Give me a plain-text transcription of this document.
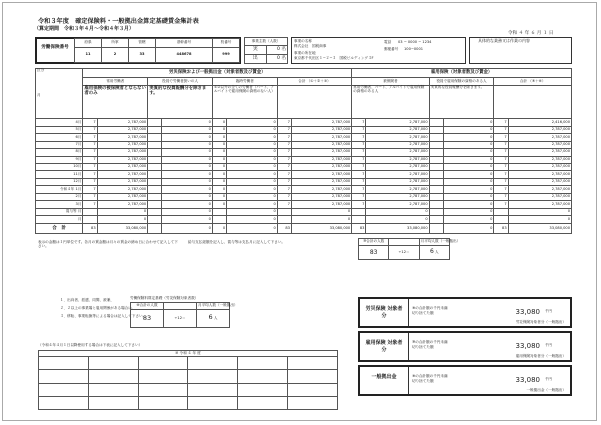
令和３年度　確定保険料・一般拠出金算定基礎賃金集計表
（算定期間　令和３年４月〜令和４年３月）
令和 ４ 年 ６ 月 １ 日
労働保険番号
府県	所掌	管轄	基幹番号	枝番号
11	2	33	448678	999
事業主数（人数）	
実	0 名
出	0 名
事業の名称
株式会社　国税商事
事業の所在地
東京都千代田区１−２−３　国税ビルディング３F
電話 03 − 0000 − 1234
郵便番号 100−0001
具体的な業務又は作業の内容
区分

月	労災保険および一般拠出金（対象者数及び賃金）								雇用保険（対象者数及び賃金）					
	常用労働者		役員で労働者扱いの人		臨時労働者		合計 （①＋②＋③）		被保険者		役員で雇用保険の資格のある人		合計 （⑤＋⑥）	
	雇用保険の被保険者とならない者のみ		実質的な役員報酬分を除きます。		①②以外の全ての労働者（パート、アルバイトで雇用保険の資格のない人）				常用労働者、パート、アルバイトで雇用保険の資格のある人		実質的な役員報酬分を除きます。			
4月	7	2,787,000		0	0	0	7	2,787,000	7	2,787,000		0	7	2,416,000
5月	7	2,787,000		0	0	0	7	2,787,000	7	2,787,000		0	7	2,787,000
6月	7	2,787,000		0	0	0	7	2,787,000	7	2,787,000		0	7	2,787,000
7月	7	2,787,000		0	0	0	7	2,787,000	7	2,787,000		0	7	2,787,000
8月	7	2,787,000		0	0	0	7	2,787,000	7	2,787,000		0	7	2,787,000
9月	7	2,787,000		0	0	0	7	2,787,000	7	2,787,000		0	7	2,787,000
10月	7	2,787,000		0	0	0	7	2,787,000	7	2,787,000		0	7	2,787,000
11月	7	2,787,000		0	0	0	7	2,787,000	7	2,787,000		0	7	2,787,000
12月	7	2,787,000		0	0	0	7	2,787,000	7	2,787,000		0	7	2,787,000
令和４年 1月	7	2,787,000		0	0	0	7	2,787,000	7	2,787,000		0	7	2,787,000
2月	7	2,787,000		0	0	0	7	2,787,000	7	2,787,000		0	7	2,787,000
3月	7	2,787,000		0	0	0	7	2,787,000	7	2,787,000		0	7	2,787,000
賞与等 月		0		0		0		0		0		0		0
月		0		0		0		0		0		0		0
合　計	83	33,080,000		0	0	0	83	33,080,000	83	33,080,000		0	83	33,080,000
表示の金額は１円単位です。各月の賃金額は月々の賃金の締め日に合わせて記入して下さい。
給与支払総額を記入し、賞与等は支払月に記入して下さい。	⑨合計の人数		月平均人数（一般拠出）
83	÷12＝	6 人
１．出向者、派遣、同間、被兼、
２．２以上の事業場と雇用関係がある場合は、
３．移転、事業転換等による場合は記入して下さい。
（令和４年４月１日以降使用する場合は下表に記入して下さい）
労働保険料算定基礎（労災保険対象者数）
⑧合計の人数		月平均人数（一般拠出）
83	÷12＝	6 人
⑩ 令和 ４ 年 度					

労災保険 対象者分
⑧の合計額の千円未満
切り捨てた額	33,080 千円
労災保険対象者分（一般拠出）
雇用保険 対象者分
⑨の合計額の千円未満
切り捨てた額	33,080 千円
雇用保険対象者分（一般拠出）
一般拠出金	⑧の合計額の千円未満
切り捨てた額	33,080 千円
一般拠出金（一般拠出）
